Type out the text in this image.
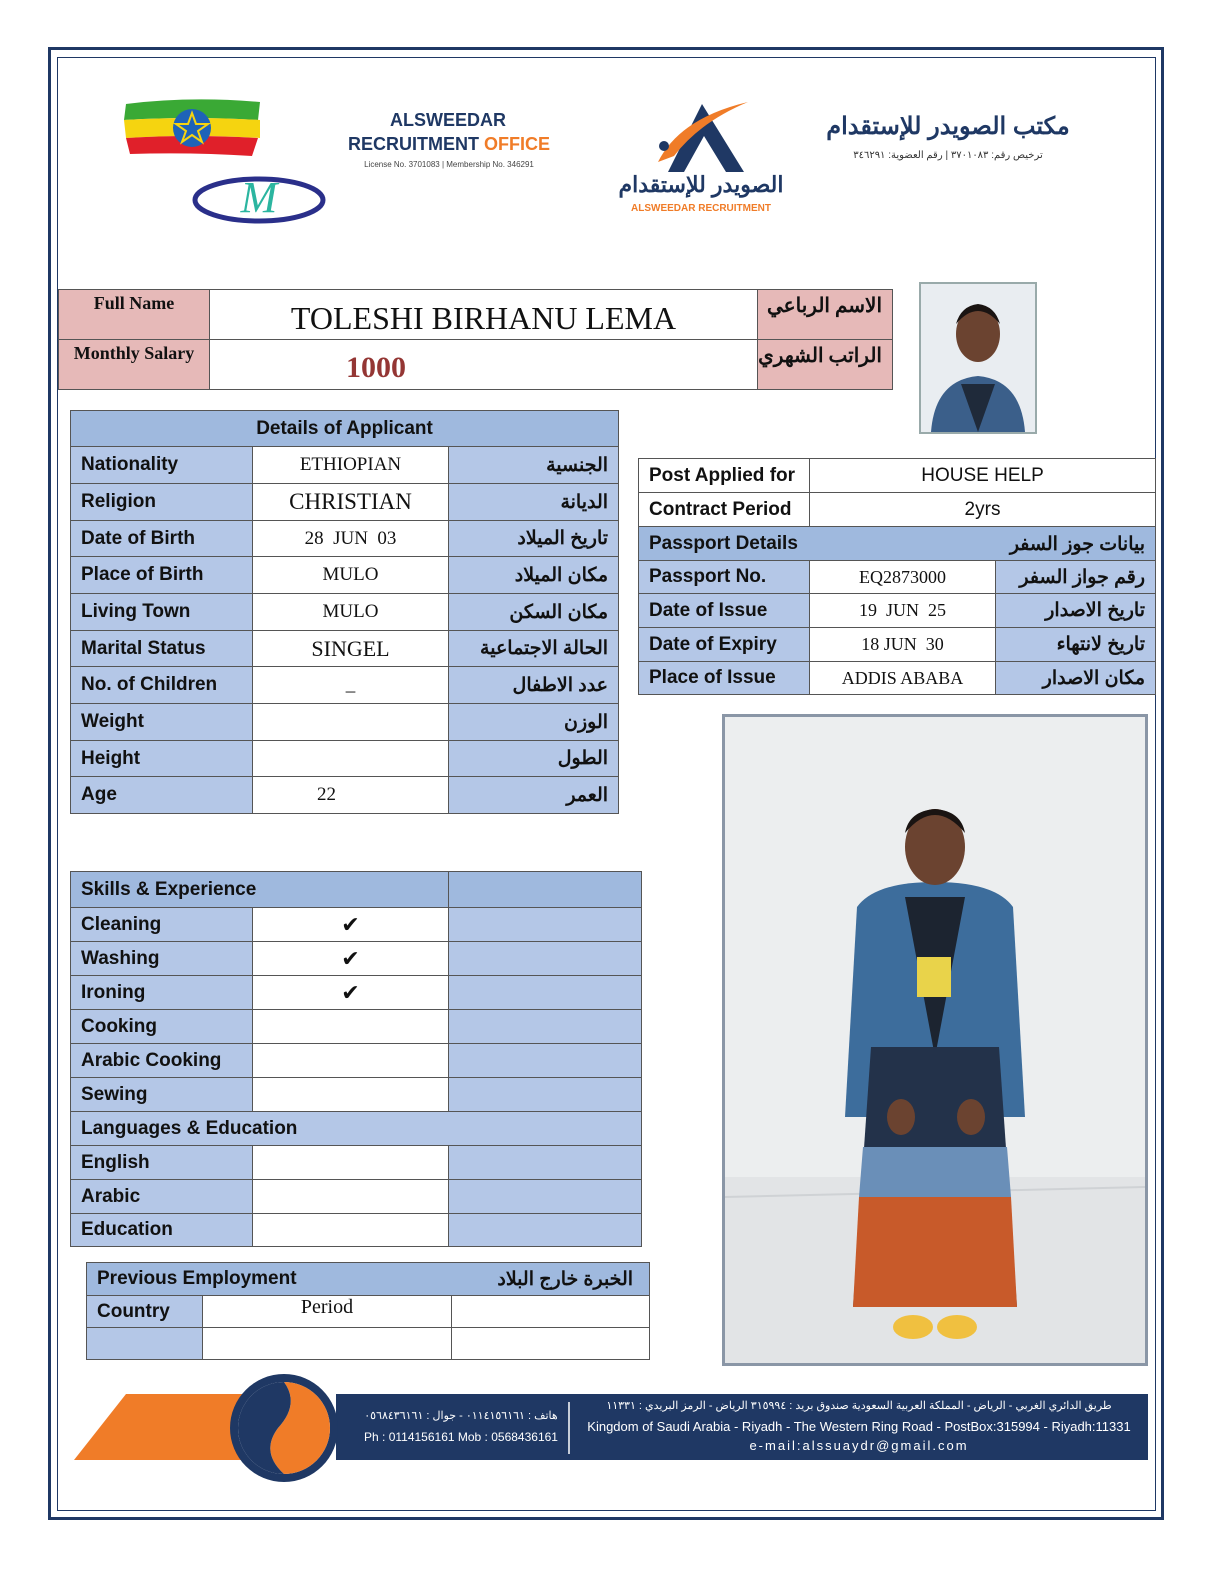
M
ALSWEEDAR
RECRUITMENT OFFICE
License No. 3701083 | Membership No. 346291
الصويدر للإستقدام
ALSWEEDAR RECRUITMENT
مكتب الصويدر للإستقدام
ترخيص رقم: ٣٧٠١٠٨٣ | رقم العضوية: ٣٤٦٢٩١
Full Name	TOLESHI BIRHANU LEMA	الاسم الرباعي
Monthly Salary	1000	الراتب الشهري
Details of Applicant		
Nationality	ETHIOPIAN	الجنسية
Religion	CHRISTIAN	الديانة
Date of Birth	28  JUN  03	تاريخ الميلاد
Place of Birth	MULO	مكان الميلاد
Living Town	MULO	مكان السكن
Marital Status	SINGEL	الحالة الاجتماعية
No. of Children	_	عدد الاطفال
Weight		الوزن
Height		الطول
Age	22	العمر
Post Applied for	HOUSE HELP	
Contract Period	2yrs	
Passport Details بيانات جوز السفر		

Passport No.	EQ2873000	رقم جواز السفر
Date of Issue	19  JUN  25	تاريخ الاصدار
Date of Expiry	18 JUN  30	تاريخ لانتهاء
Place of Issue	ADDIS ABABA	مكان الاصدار
Skills & Experience		
Cleaning	✔	
Washing	✔	
Ironing	✔	
Cooking		
Arabic Cooking		
Sewing		
Languages & Education		
English		
Arabic		
Education		
Previous Employment الخبرة خارج البلاد		

Country	Period	

هاتف : ٠١١٤١٥٦١٦١ - جوال : ٠٥٦٨٤٣٦١٦١
Ph : 0114156161 Mob : 0568436161
طريق الدائري الغربي - الرياض - المملكة العربية السعودية صندوق بريد : ٣١٥٩٩٤ الرياض - الرمز البريدي : ١١٣٣١
Kingdom of Saudi Arabia - Riyadh - The Western Ring Road - PostBox:315994 - Riyadh:11331
e-mail:alssuaydr@gmail.com
